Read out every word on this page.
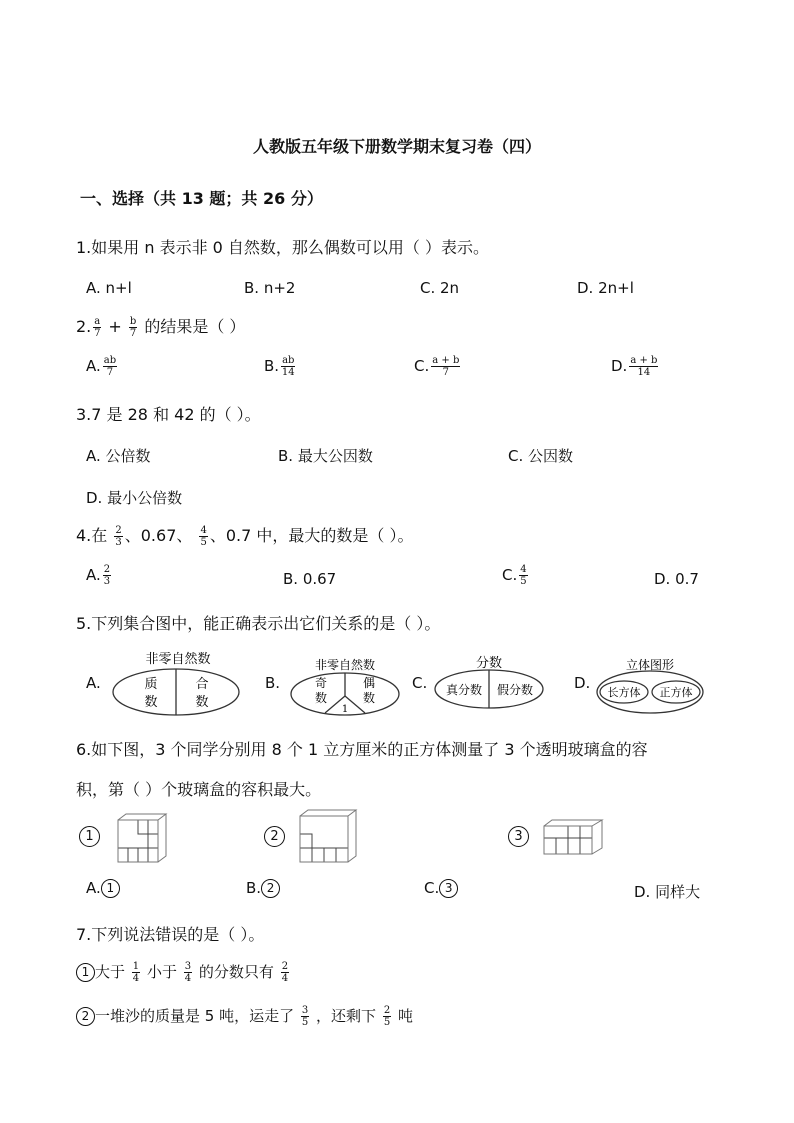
人教版五年级下册数学期末复习卷（四）
一、选择（共 13 题；共 26 分）
1.如果用 n 表示非 0 自然数，那么偶数可以用（ ）表示。
A. n+l	B. n+2	C. 2n	D. 2n+l
2. $\frac{a}{7} + \frac{b}{7}$ 的结果是（ ）
A. $\frac{ab}{7}$	B. $\frac{ab}{14}$	C. $\frac{a + b}{7}$	D. $\frac{a + b}{14}$
3.7 是 28 和 42 的（ ）。
A. 公倍数	B. 最大公因数	C. 公因数
D. 最小公倍数
4.在 $\frac{2}{3}$ 、0.67、 $\frac{4}{5}$ 、0.7 中，最大的数是（ ）。
A. $\frac{2}{3}$	B. 0.67	C. $\frac{4}{5}$	D. 0.7
5.下列集合图中，能正确表示出它们关系的是（ ）。
A.
非零自然数
质
数
合
数
B.
非零自然数
奇
数
偶
数
1
C.
分数
真分数 假分数	D.
立体图形
长方体 正方体
6.如下图，3 个同学分别用 8 个 1 立方厘米的正方体测量了 3 个透明玻璃盒的容
积，第（ ）个玻璃盒的容积最大。
1	2	3
A. 1	B. 2	C. 3	D. 同样大
7.下列说法错误的是（ ）。
1 大于 $\frac{1}{4}$ 小于 $\frac{3}{4}$ 的分数只有 $\frac{2}{4}$
2 一堆沙的质量是 5 吨，运走了 $\frac{3}{5}$ ，还剩下 $\frac{2}{5}$ 吨
